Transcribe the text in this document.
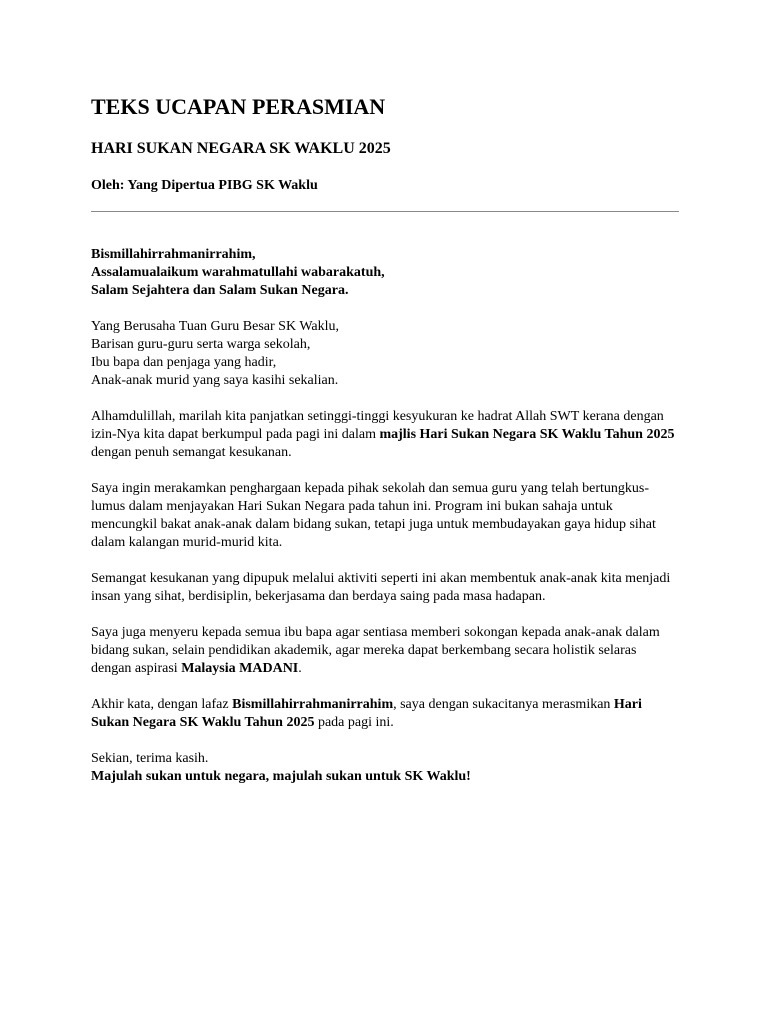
TEKS UCAPAN PERASMIAN
HARI SUKAN NEGARA SK WAKLU 2025
Oleh: Yang Dipertua PIBG SK Waklu
Bismillahirrahmanirrahim,
Assalamualaikum warahmatullahi wabarakatuh,
Salam Sejahtera dan Salam Sukan Negara.
Yang Berusaha Tuan Guru Besar SK Waklu,
Barisan guru-guru serta warga sekolah,
Ibu bapa dan penjaga yang hadir,
Anak-anak murid yang saya kasihi sekalian.

Alhamdulillah, marilah kita panjatkan setinggi-tinggi kesyukuran ke hadrat Allah SWT kerana dengan izin-Nya kita dapat berkumpul pada pagi ini dalam majlis Hari Sukan Negara SK Waklu Tahun 2025 dengan penuh semangat kesukanan.

Saya ingin merakamkan penghargaan kepada pihak sekolah dan semua guru yang telah bertungkus-lumus dalam menjayakan Hari Sukan Negara pada tahun ini. Program ini bukan sahaja untuk mencungkil bakat anak-anak dalam bidang sukan, tetapi juga untuk membudayakan gaya hidup sihat dalam kalangan murid-murid kita.

Semangat kesukanan yang dipupuk melalui aktiviti seperti ini akan membentuk anak-anak kita menjadi insan yang sihat, berdisiplin, bekerjasama dan berdaya saing pada masa hadapan.

Saya juga menyeru kepada semua ibu bapa agar sentiasa memberi sokongan kepada anak-anak dalam bidang sukan, selain pendidikan akademik, agar mereka dapat berkembang secara holistik selaras dengan aspirasi Malaysia MADANI.

Akhir kata, dengan lafaz Bismillahirrahmanirrahim, saya dengan sukacitanya merasmikan Hari Sukan Negara SK Waklu Tahun 2025 pada pagi ini.

Sekian, terima kasih.
Majulah sukan untuk negara, majulah sukan untuk SK Waklu!
